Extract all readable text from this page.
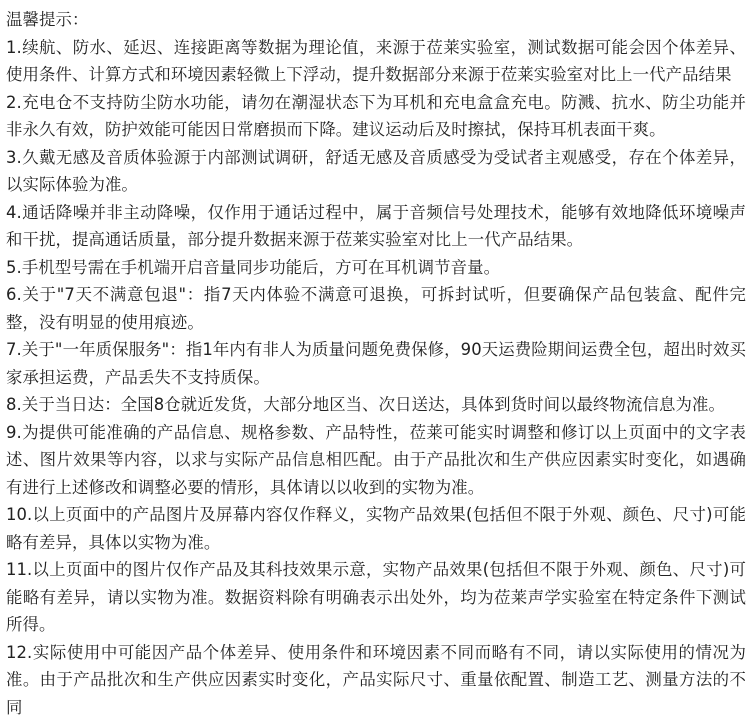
温馨提示：

1.续航、防水、延迟、连接距离等数据为理论值，来源于莅莱实验室，测试数据可能会因个体差异、使用条件、计算方式和环境因素轻微上下浮动，提升数据部分来源于莅莱实验室对比上一代产品结果
2.充电仓不支持防尘防水功能，请勿在潮湿状态下为耳机和充电盒盒充电。防溅、抗水、防尘功能并非永久有效，防护效能可能因日常磨损而下降。建议运动后及时擦拭，保持耳机表面干爽。
3.久戴无感及音质体验源于内部测试调研，舒适无感及音质感受为受试者主观感受，存在个体差异，以实际体验为准。
4.通话降噪并非主动降噪，仅作用于通话过程中，属于音频信号处理技术，能够有效地降低环境噪声和干扰，提高通话质量，部分提升数据来源于莅莱实验室对比上一代产品结果。
5.手机型号需在手机端开启音量同步功能后，方可在耳机调节音量。
6.关于"7天不满意包退"：指7天内体验不满意可退换，可拆封试听，但要确保产品包装盒、配件完整，没有明显的使用痕迹。
7.关于"一年质保服务"：指1年内有非人为质量问题免费保修，90天运费险期间运费全包，超出时效买家承担运费，产品丢失不支持质保。
8.关于当日达：全国8仓就近发货，大部分地区当、次日送达，具体到货时间以最终物流信息为准。
9.为提供可能准确的产品信息、规格参数、产品特性，莅莱可能实时调整和修订以上页面中的文字表述、图片效果等内容，以求与实际产品信息相匹配。由于产品批次和生产供应因素实时变化，如遇确有进行上述修改和调整必要的情形，具体请以以收到的实物为准。
10.以上页面中的产品图片及屏幕内容仅作释义，实物产品效果(包括但不限于外观、颜色、尺寸)可能略有差异，具体以实物为准。
11.以上页面中的图片仅作产品及其科技效果示意，实物产品效果(包括但不限于外观、颜色、尺寸)可能略有差异，请以实物为准。数据资料除有明确表示出处外，均为莅莱声学实验室在特定条件下测试所得。
12.实际使用中可能因产品个体差异、使用条件和环境因素不同而略有不同，请以实际使用的情况为准。由于产品批次和生产供应因素实时变化，产品实际尺寸、重量依配置、制造工艺、测量方法的不同
